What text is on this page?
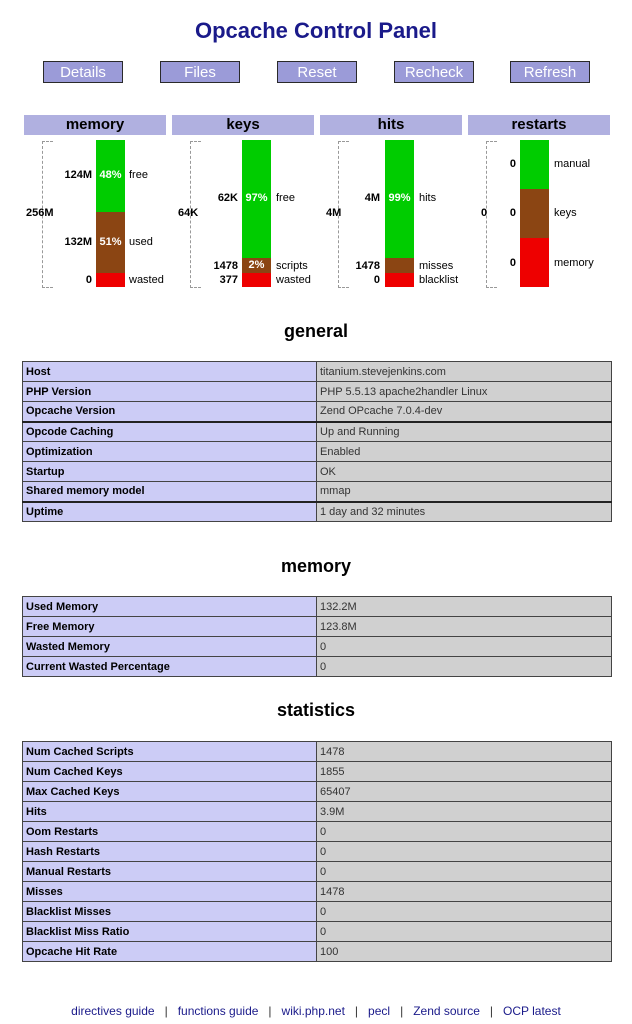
Opcache Control Panel
Details	Files	Reset	Recheck	Refresh
memory	keys	hits	restarts
256M
48%
51%
124M	free
132M	used
0	wasted
64K
97%
2%
62K	free
1478	scripts
377	wasted
4M
99%
4M	hits
1478	misses
0	blacklist
0
0	manual
0	keys
0	memory
general
Host	titanium.stevejenkins.com
PHP Version	PHP 5.5.13 apache2handler Linux
Opcache Version	Zend OPcache 7.0.4-dev
Opcode Caching	Up and Running
Optimization	Enabled
Startup	OK
Shared memory model	mmap
Uptime	1 day and 32 minutes
memory
Used Memory	132.2M
Free Memory	123.8M
Wasted Memory	0
Current Wasted Percentage	0
statistics
Num Cached Scripts	1478
Num Cached Keys	1855
Max Cached Keys	65407
Hits	3.9M
Oom Restarts	0
Hash Restarts	0
Manual Restarts	0
Misses	1478
Blacklist Misses	0
Blacklist Miss Ratio	0
Opcache Hit Rate	100
directives guide | functions guide | wiki.php.net | pecl | Zend source | OCP latest
